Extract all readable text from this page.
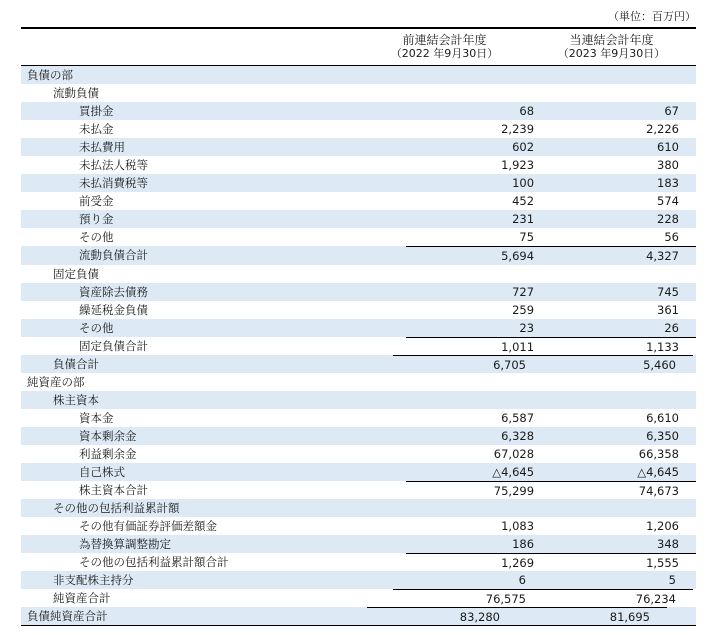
（単位：百万円）
前連結会計年度
（2022 年9月30日）
当連結会計年度
（2023 年9月30日）
負債の部
流動負債
買掛金	68	67
未払金	2,239	2,226
未払費用	602	610
未払法人税等	1,923	380
未払消費税等	100	183
前受金	452	574
預り金	231	228
その他	75	56
流動負債合計	5,694	4,327
固定負債
資産除去債務	727	745
繰延税金負債	259	361
その他	23	26
固定負債合計	1,011	1,133
負債合計	6,705	5,460
純資産の部
株主資本
資本金	6,587	6,610
資本剰余金	6,328	6,350
利益剰余金	67,028	66,358
自己株式	△4,645	△4,645
株主資本合計	75,299	74,673
その他の包括利益累計額
その他有価証券評価差額金	1,083	1,206
為替換算調整勘定	186	348
その他の包括利益累計額合計	1,269	1,555
非支配株主持分	6	5
純資産合計	76,575	76,234
負債純資産合計	83,280	81,695
